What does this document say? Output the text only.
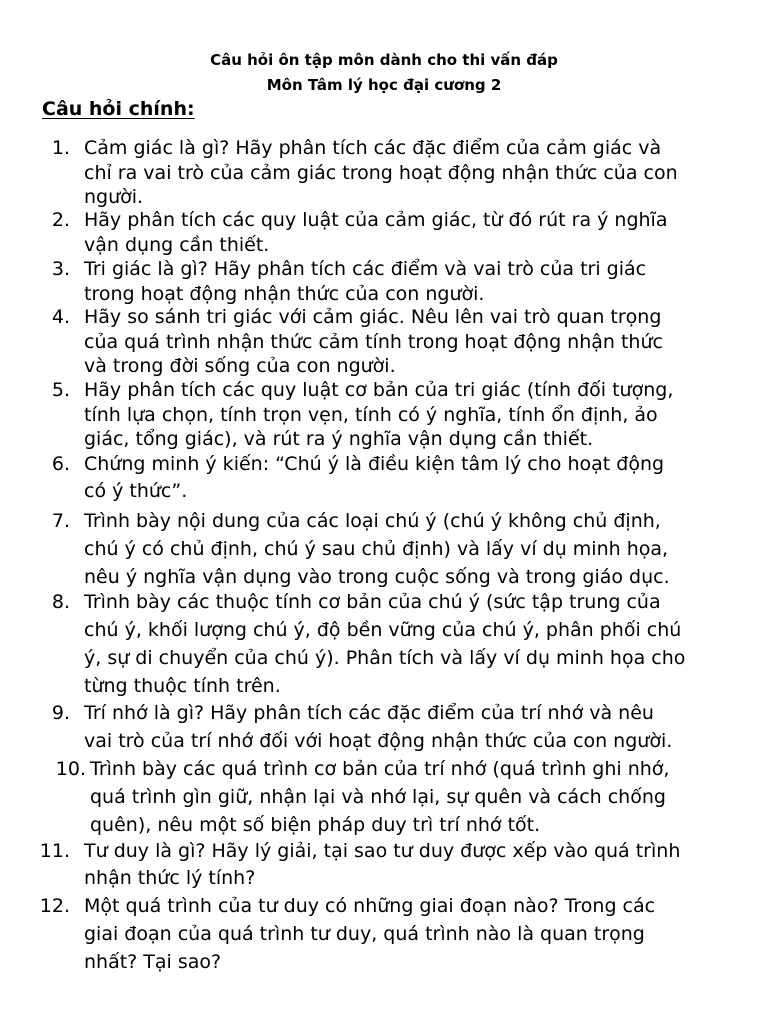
Câu hỏi ôn tập môn dành cho thi vấn đáp
Môn Tâm lý học đại cương 2
Câu hỏi chính:
1. Cảm giác là gì? Hãy phân tích các đặc điểm của cảm giác và
chỉ ra vai trò của cảm giác trong hoạt động nhận thức của con
người.
2. Hãy phân tích các quy luật của cảm giác, từ đó rút ra ý nghĩa
vận dụng cần thiết.
3. Tri giác là gì? Hãy phân tích các điểm và vai trò của tri giác
trong hoạt động nhận thức của con người.
4. Hãy so sánh tri giác với cảm giác. Nêu lên vai trò quan trọng
của quá trình nhận thức cảm tính trong hoạt động nhận thức
và trong đời sống của con người.
5. Hãy phân tích các quy luật cơ bản của tri giác (tính đối tượng,
tính lựa chọn, tính trọn vẹn, tính có ý nghĩa, tính ổn định, ảo
giác, tổng giác), và rút ra ý nghĩa vận dụng cần thiết.
6. Chứng minh ý kiến: “Chú ý là điều kiện tâm lý cho hoạt động
có ý thức”.
7. Trình bày nội dung của các loại chú ý (chú ý không chủ định,
chú ý có chủ định, chú ý sau chủ định) và lấy ví dụ minh họa,
nêu ý nghĩa vận dụng vào trong cuộc sống và trong giáo dục.
8. Trình bày các thuộc tính cơ bản của chú ý (sức tập trung của
chú ý, khối lượng chú ý, độ bền vững của chú ý, phân phối chú
ý, sự di chuyển của chú ý). Phân tích và lấy ví dụ minh họa cho
từng thuộc tính trên.
9. Trí nhớ là gì? Hãy phân tích các đặc điểm của trí nhớ và nêu
vai trò của trí nhớ đối với hoạt động nhận thức của con người.
10. Trình bày các quá trình cơ bản của trí nhớ (quá trình ghi nhớ,
quá trình gìn giữ, nhận lại và nhớ lại, sự quên và cách chống
quên), nêu một số biện pháp duy trì trí nhớ tốt.
11. Tư duy là gì? Hãy lý giải, tại sao tư duy được xếp vào quá trình
nhận thức lý tính?
12. Một quá trình của tư duy có những giai đoạn nào? Trong các
giai đoạn của quá trình tư duy, quá trình nào là quan trọng
nhất? Tại sao?
